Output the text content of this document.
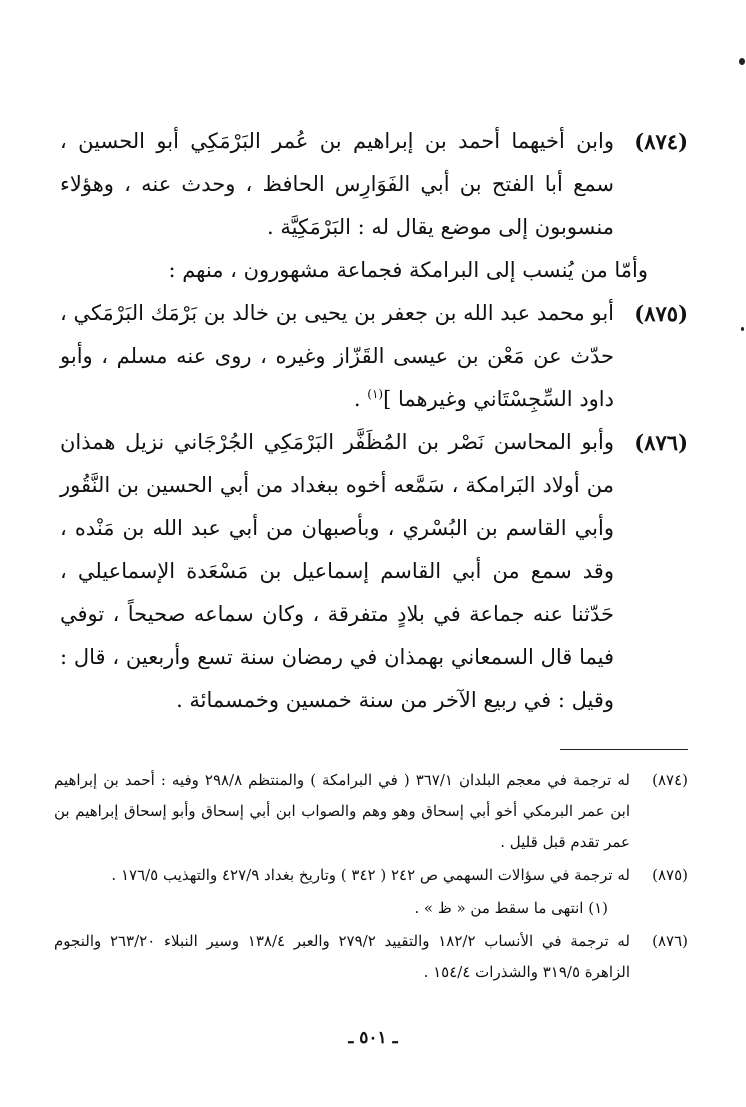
(٨٧٤)

وابن أخيهما أحمد بن إبراهيم بن عُمر البَرْمَكِي أبو الحسين ، سمع أبا الفتح بن أبي الفَوَارِس الحافظ ، وحدث عنه ، وهؤلاء منسوبون إلى موضع يقال له : البَرْمَكِيَّة .

وأمّا من يُنسب إلى البرامكة فجماعة مشهورون ، منهم :

(٨٧٥)

أبو محمد عبد الله بن جعفر بن يحيى بن خالد بن بَرْمَك البَرْمَكي ، حدّث عن مَعْن بن عيسى القَزّاز وغيره ، روى عنه مسلم ، وأبو داود السِّجِسْتَاني وغيرهما ]$^{(١)}$ .

(٨٧٦)

وأبو المحاسن نَصْر بن المُظَفَّر البَرْمَكِي الجُرْجَاني نزيل همذان من أولاد البَرامكة ، سَمَّعه أخوه ببغداد من أبي الحسين بن النَّقُور وأبي القاسم بن البُسْري ، وبأصبهان من أبي عبد الله بن مَنْده ، وقد سمع من أبي القاسم إسماعيل بن مَسْعَدة الإسماعيلي ، حَدّثنا عنه جماعة في بلادٍ متفرقة ، وكان سماعه صحيحاً ، توفي فيما قال السمعاني بهمذان في رمضان سنة تسع وأربعين ، قال : وقيل : في ربيع الآخر من سنة خمسين وخمسمائة .

(٨٧٤)

له ترجمة في معجم البلدان ٣٦٧/١ ( في البرامكة ) والمنتظم ٢٩٨/٨ وفيه : أحمد بن إبراهيم ابن عمر البرمكي أخو أبي إسحاق وهو وهم والصواب ابن أبي إسحاق وأبو إسحاق إبراهيم بن عمر تقدم قبل قليل .

(٨٧٥)

له ترجمة في سؤالات السهمي ص ٢٤٢ ( ٣٤٢ ) وتاريخ بغداد ٤٢٧/٩ والتهذيب ١٧٦/٥ .

(١) انتهى ما سقط من « ظ » .

(٨٧٦)

له ترجمة في الأنساب ١٨٢/٢ والتقييد ٢٧٩/٢ والعبر ١٣٨/٤ وسير النبلاء ٢٦٣/٢٠ والنجوم الزاهرة ٣١٩/٥ والشذرات ١٥٤/٤ .

ـ ٥٠١ ـ
